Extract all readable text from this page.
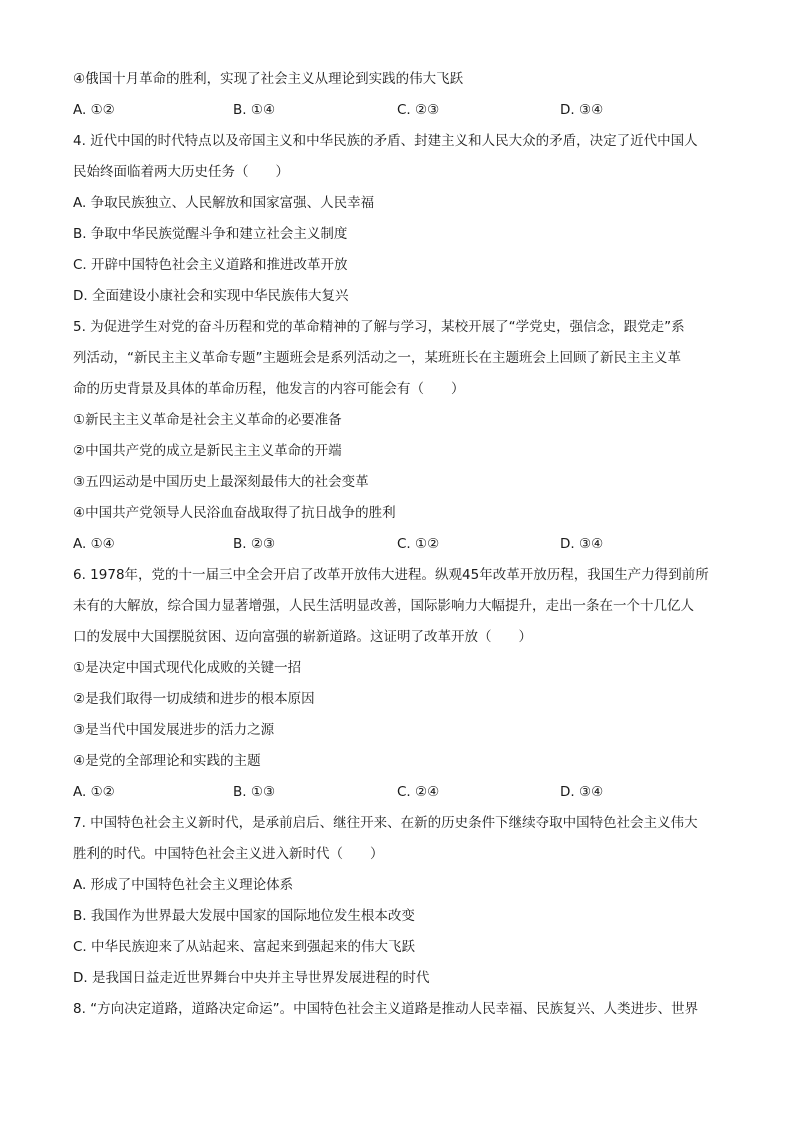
④俄国十月革命的胜利，实现了社会主义从理论到实践的伟大飞跃
A. ①②	B. ①④	C. ②③	D. ③④
4. 近代中国的时代特点以及帝国主义和中华民族的矛盾、封建主义和人民大众的矛盾，决定了近代中国人
民始终面临着两大历史任务（　　）
A. 争取民族独立、人民解放和国家富强、人民幸福
B. 争取中华民族觉醒斗争和建立社会主义制度
C. 开辟中国特色社会主义道路和推进改革开放
D. 全面建设小康社会和实现中华民族伟大复兴
5. 为促进学生对党的奋斗历程和党的革命精神的了解与学习，某校开展了“学党史，强信念，跟党走”系
列活动，“新民主主义革命专题”主题班会是系列活动之一，某班班长在主题班会上回顾了新民主主义革
命的历史背景及具体的革命历程，他发言的内容可能会有（　　）
①新民主主义革命是社会主义革命的必要准备
②中国共产党的成立是新民主主义革命的开端
③五四运动是中国历史上最深刻最伟大的社会变革
④中国共产党领导人民浴血奋战取得了抗日战争的胜利
A. ①④	B. ②③	C. ①②	D. ③④
6. 1978年，党的十一届三中全会开启了改革开放伟大进程。纵观45年改革开放历程，我国生产力得到前所
未有的大解放，综合国力显著增强，人民生活明显改善，国际影响力大幅提升，走出一条在一个十几亿人
口的发展中大国摆脱贫困、迈向富强的崭新道路。这证明了改革开放（　　）
①是决定中国式现代化成败的关键一招
②是我们取得一切成绩和进步的根本原因
③是当代中国发展进步的活力之源
④是党的全部理论和实践的主题
A. ①②	B. ①③	C. ②④	D. ③④
7. 中国特色社会主义新时代，是承前启后、继往开来、在新的历史条件下继续夺取中国特色社会主义伟大
胜利的时代。中国特色社会主义进入新时代（　　）
A. 形成了中国特色社会主义理论体系
B. 我国作为世界最大发展中国家的国际地位发生根本改变
C. 中华民族迎来了从站起来、富起来到强起来的伟大飞跃
D. 是我国日益走近世界舞台中央并主导世界发展进程的时代
8. “方向决定道路，道路决定命运”。中国特色社会主义道路是推动人民幸福、民族复兴、人类进步、世界
